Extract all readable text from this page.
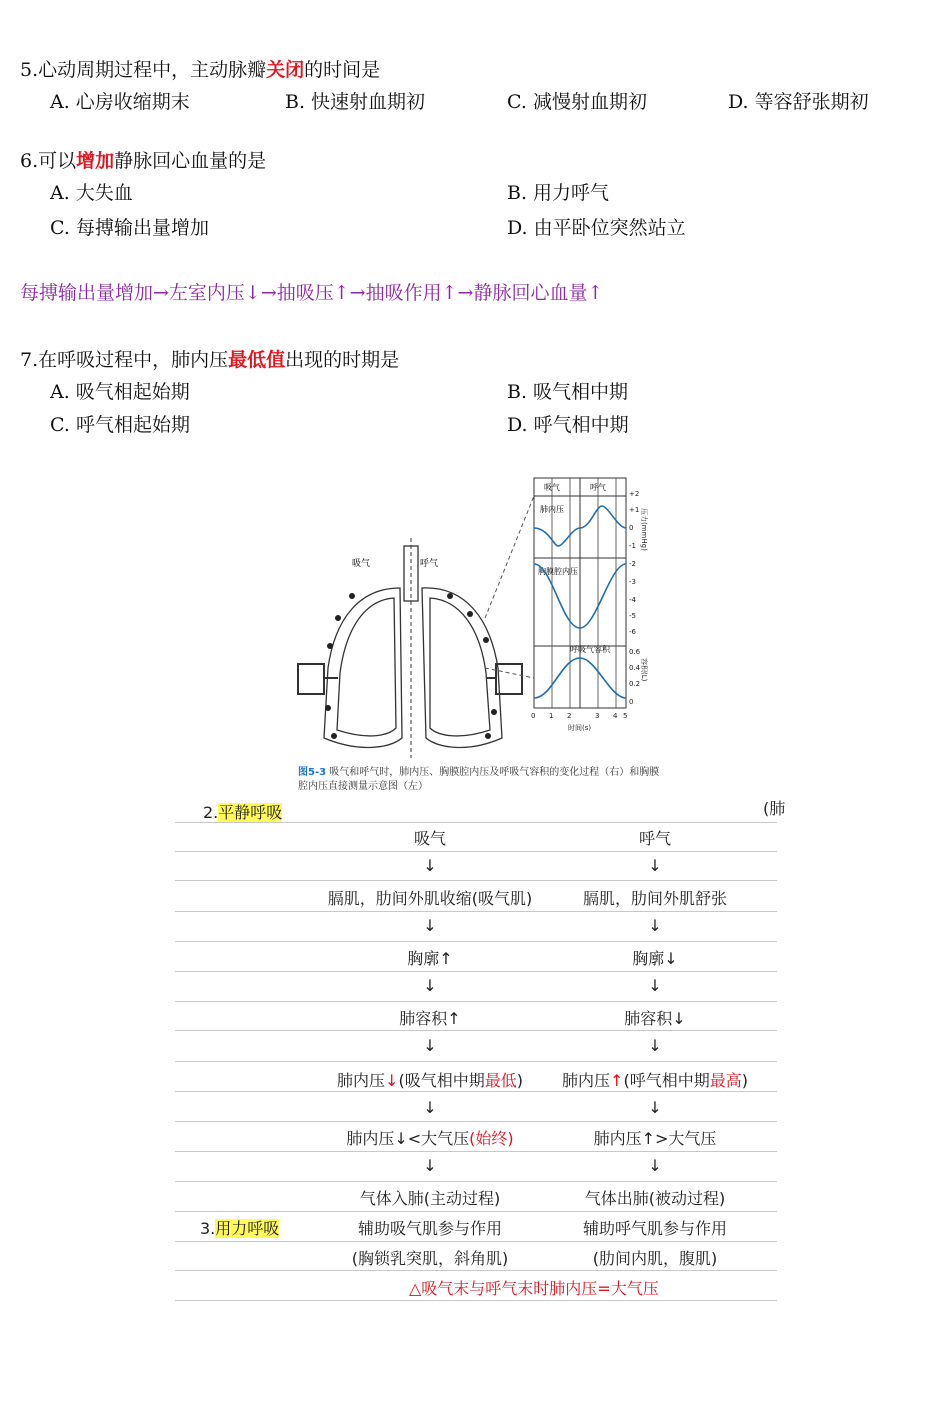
5.心动周期过程中，主动脉瓣关闭的时间是
A. 心房收缩期末	B. 快速射血期初	C. 减慢射血期初	D. 等容舒张期初
6.可以增加静脉回心血量的是
A. 大失血	B. 用力呼气
C. 每搏输出量增加	D. 由平卧位突然站立
每搏输出量增加→左室内压↓→抽吸压↑→抽吸作用↑→静脉回心血量↑
7.在呼吸过程中，肺内压最低值出现的时期是
A. 吸气相起始期	B. 吸气相中期
C. 呼气相起始期	D. 呼气相中期
吸气	呼气
吸气	呼气
肺内压
胸膜腔内压
呼吸气容积
+2
+1
0
-1
-2
-3
-4
-5
-6
0.6
0.4
0.2
0
0 1 2	3 4 5
时间(s)
压力(mmHg)
容积(L)
图5-3 吸气和呼气时，肺内压、胸膜腔内压及呼吸气容积的变化过程（右）和胸膜腔内压直接测量示意图（左）
2.平静呼吸	(肺
吸气	呼气
↓	↓
膈肌，肋间外肌收缩(吸气肌)	膈肌，肋间外肌舒张
↓	↓
胸廓↑	胸廓↓
↓	↓
肺容积↑	肺容积↓
↓	↓
肺内压↓(吸气相中期最低)	肺内压↑(呼气相中期最高)
↓	↓
肺内压↓<大气压(始终)	肺内压↑>大气压
↓	↓
气体入肺(主动过程)	气体出肺(被动过程)
3.用力呼吸	辅助吸气肌参与作用	辅助呼气肌参与作用
(胸锁乳突肌，斜角肌)	(肋间内肌，腹肌)
△吸气末与呼气末时肺内压=大气压
